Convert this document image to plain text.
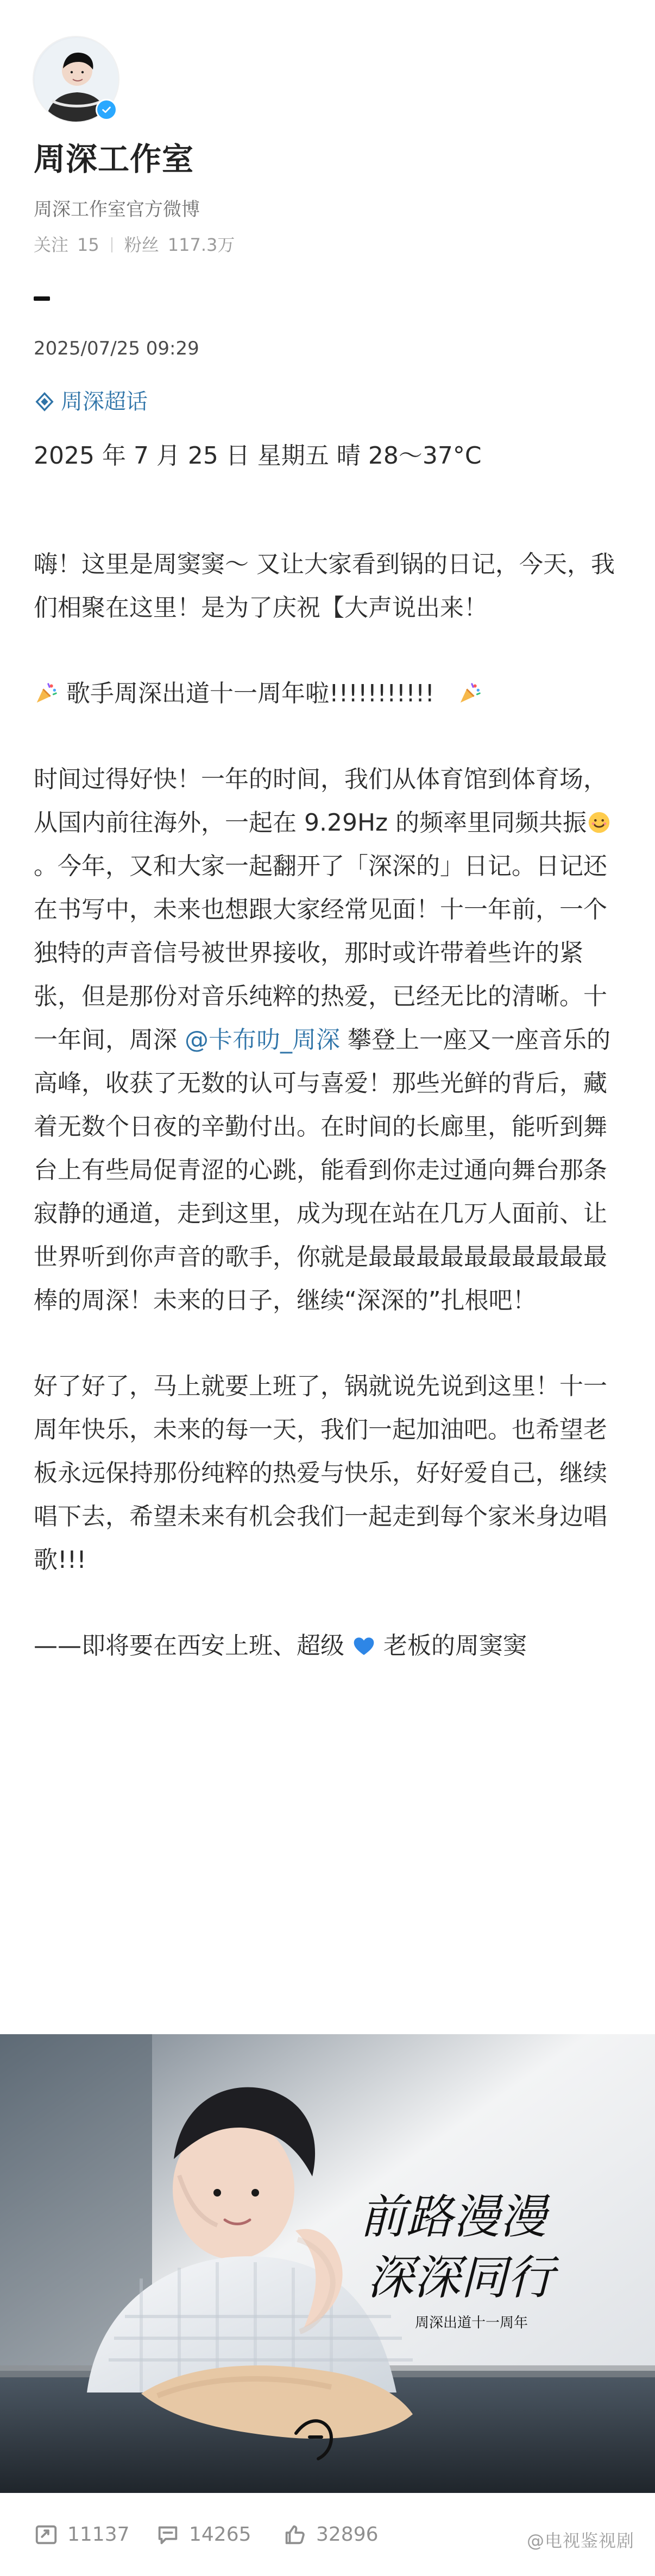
周深工作室
周深工作室官方微博
关注 15 粉丝 117.3万
2025/07/25 09:29
周深超话
2025 年 7 月 25 日 星期五 晴 28～37°C

嗨！这里是周窦窦～ 又让大家看到锅的日记，今天，我们相聚在这里！是为了庆祝【大声说出来！

歌手周深出道十一周年啦!!!!!!!!!!!

时间过得好快！一年的时间，我们从体育馆到体育场，从国内前往海外，一起在 9.29Hz 的频率里同频共振。今年，又和大家一起翻开了「深深的」日记。日记还在书写中，未来也想跟大家经常见面！十一年前，一个独特的声音信号被世界接收，那时或许带着些许的紧张，但是那份对音乐纯粹的热爱，已经无比的清晰。十一年间，周深 @卡布叻_周深 攀登上一座又一座音乐的高峰，收获了无数的认可与喜爱！那些光鲜的背后，藏着无数个日夜的辛勤付出。在时间的长廊里，能听到舞台上有些局促青涩的心跳，能看到你走过通向舞台那条寂静的通道，走到这里，成为现在站在几万人面前、让世界听到你声音的歌手，你就是最最最最最最最最最最棒的周深！未来的日子，继续“深深的”扎根吧！

好了好了，马上就要上班了，锅就说先说到这里！十一周年快乐，未来的每一天，我们一起加油吧。也希望老板永远保持那份纯粹的热爱与快乐，好好爱自己，继续唱下去，希望未来有机会我们一起走到每个家米身边唱歌!!!

——即将要在西安上班、超级 老板的周窦窦

前路漫漫
深深同行
周深出道十一周年
11137	14265	32896	@电视鉴视剧
